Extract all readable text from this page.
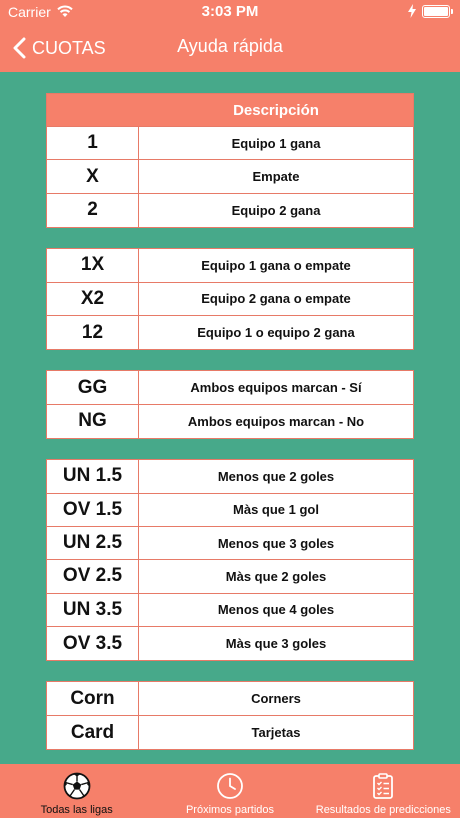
Carrier	3:03 PM
CUOTAS	Ayuda rápida
Descripción
1	Equipo 1 gana
X	Empate
2	Equipo 2 gana
1X	Equipo 1 gana o empate
X2	Equipo 2 gana o empate
12	Equipo 1 o equipo 2 gana
GG	Ambos equipos marcan - Sí
NG	Ambos equipos marcan - No
UN 1.5	Menos que 2 goles
OV 1.5	Màs que 1 gol
UN 2.5	Menos que 3 goles
OV 2.5	Màs que 2 goles
UN 3.5	Menos que 4 goles
OV 3.5	Màs que 3 goles
Corn	Corners
Card	Tarjetas
Todas las ligas	Próximos partidos	Resultados de predicciones
